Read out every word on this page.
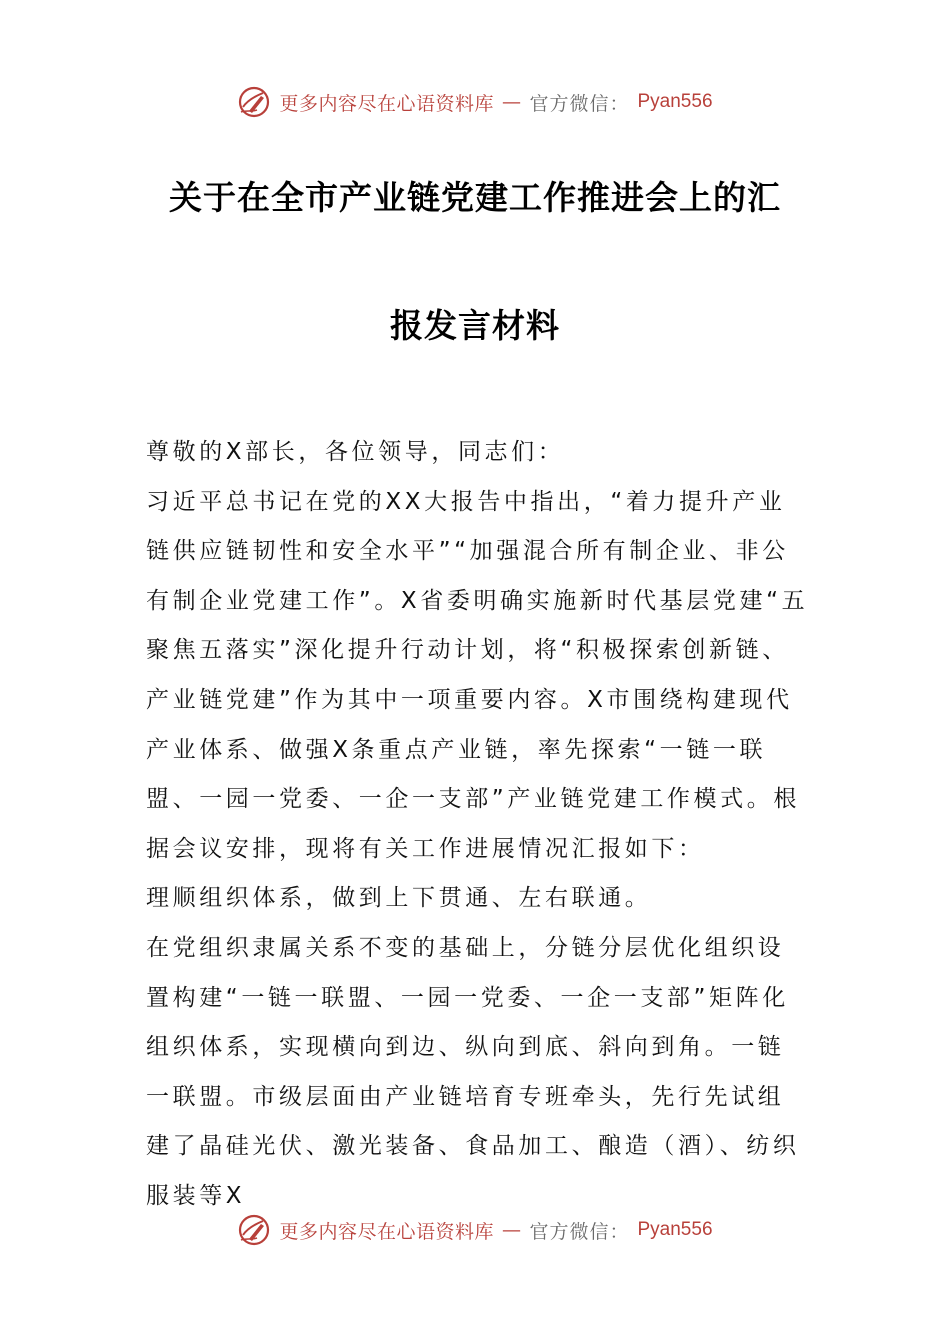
更多内容尽在心语资料库 — 官方微信： Pyan556
关于在全市产业链党建工作推进会上的汇
报发言材料

尊敬的X部长，各位领导，同志们：

习近平总书记在党的XX大报告中指出，“着力提升产业链供应链韧性和安全水平”“加强混合所有制企业、非公有制企业党建工作”。X省委明确实施新时代基层党建“五聚焦五落实”深化提升行动计划，将“积极探索创新链、产业链党建”作为其中一项重要内容。X市围绕构建现代产业体系、做强X条重点产业链，率先探索“一链一联盟、一园一党委、一企一支部”产业链党建工作模式。根据会议安排，现将有关工作进展情况汇报如下：

理顺组织体系，做到上下贯通、左右联通。

在党组织隶属关系不变的基础上，分链分层优化组织设置构建“一链一联盟、一园一党委、一企一支部”矩阵化组织体系，实现横向到边、纵向到底、斜向到角。一链一联盟。市级层面由产业链培育专班牵头，先行先试组建了晶硅光伏、激光装备、食品加工、酿造（酒）、纺织服装等X

更多内容尽在心语资料库 — 官方微信： Pyan556
